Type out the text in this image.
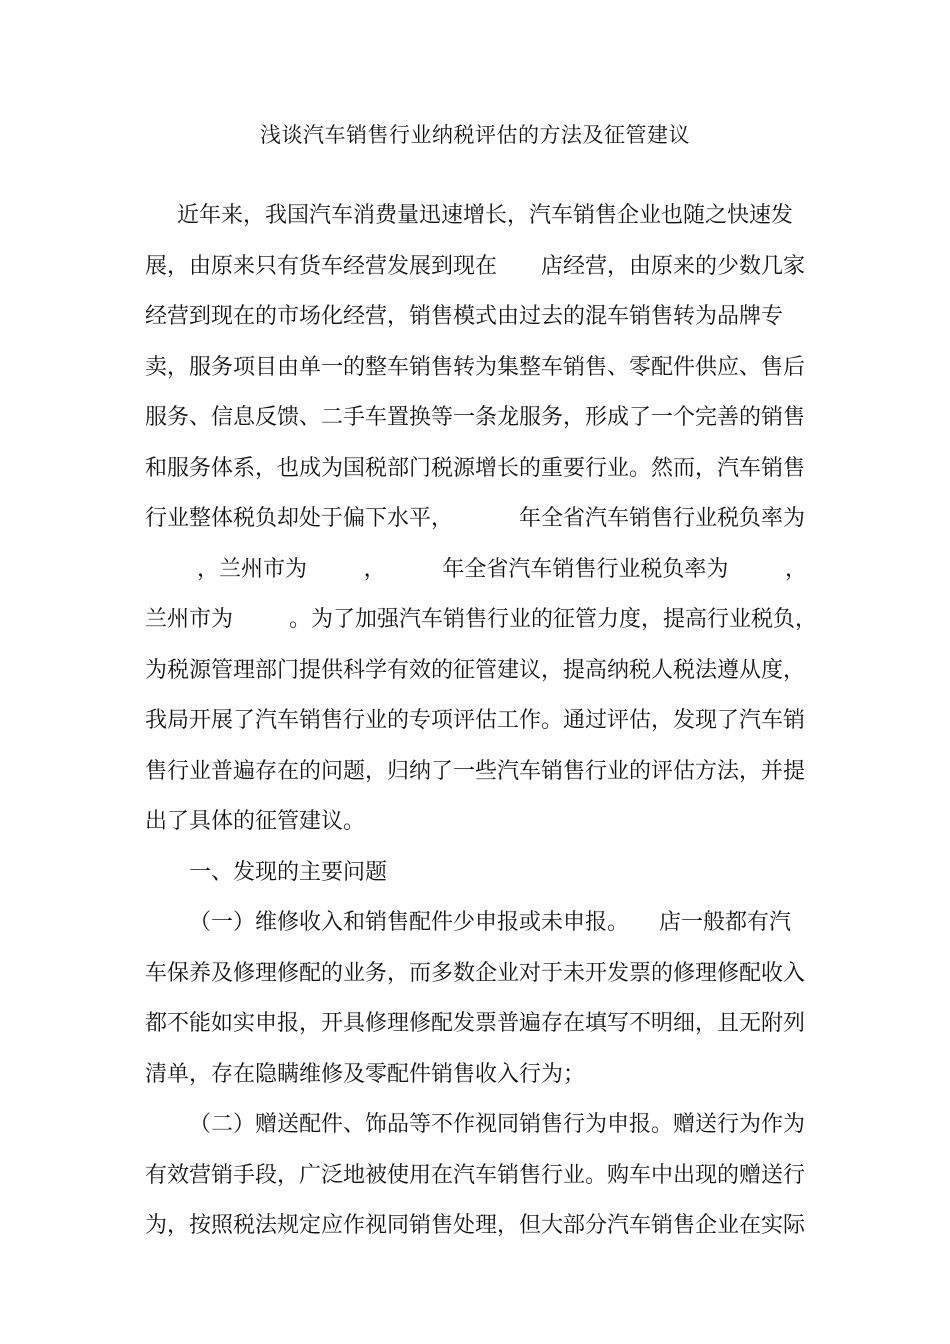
浅谈汽车销售行业纳税评估的方法及征管建议
近年来，我国汽车消费量迅速增长，汽车销售企业也随之快速发
展，由原来只有货车经营发展到现在 店经营，由原来的少数几家
经营到现在的市场化经营，销售模式由过去的混车销售转为品牌专
卖，服务项目由单一的整车销售转为集整车销售、零配件供应、售后
服务、信息反馈、二手车置换等一条龙服务，形成了一个完善的销售
和服务体系，也成为国税部门税源增长的重要行业。然而，汽车销售
行业整体税负却处于偏下水平，	年全省汽车销售行业税负率为
，兰州市为	，	年全省汽车销售行业税负率为	，
兰州市为	。为了加强汽车销售行业的征管力度，提高行业税负，
为税源管理部门提供科学有效的征管建议，提高纳税人税法遵从度，
我局开展了汽车销售行业的专项评估工作。通过评估，发现了汽车销
售行业普遍存在的问题，归纳了一些汽车销售行业的评估方法，并提
出了具体的征管建议。
一、发现的主要问题
（一）维修收入和销售配件少申报或未申报。 店一般都有汽
车保养及修理修配的业务，而多数企业对于未开发票的修理修配收入
都不能如实申报，开具修理修配发票普遍存在填写不明细，且无附列
清单，存在隐瞒维修及零配件销售收入行为；
（二）赠送配件、饰品等不作视同销售行为申报。赠送行为作为
有效营销手段，广泛地被使用在汽车销售行业。购车中出现的赠送行
为，按照税法规定应作视同销售处理，但大部分汽车销售企业在实际
